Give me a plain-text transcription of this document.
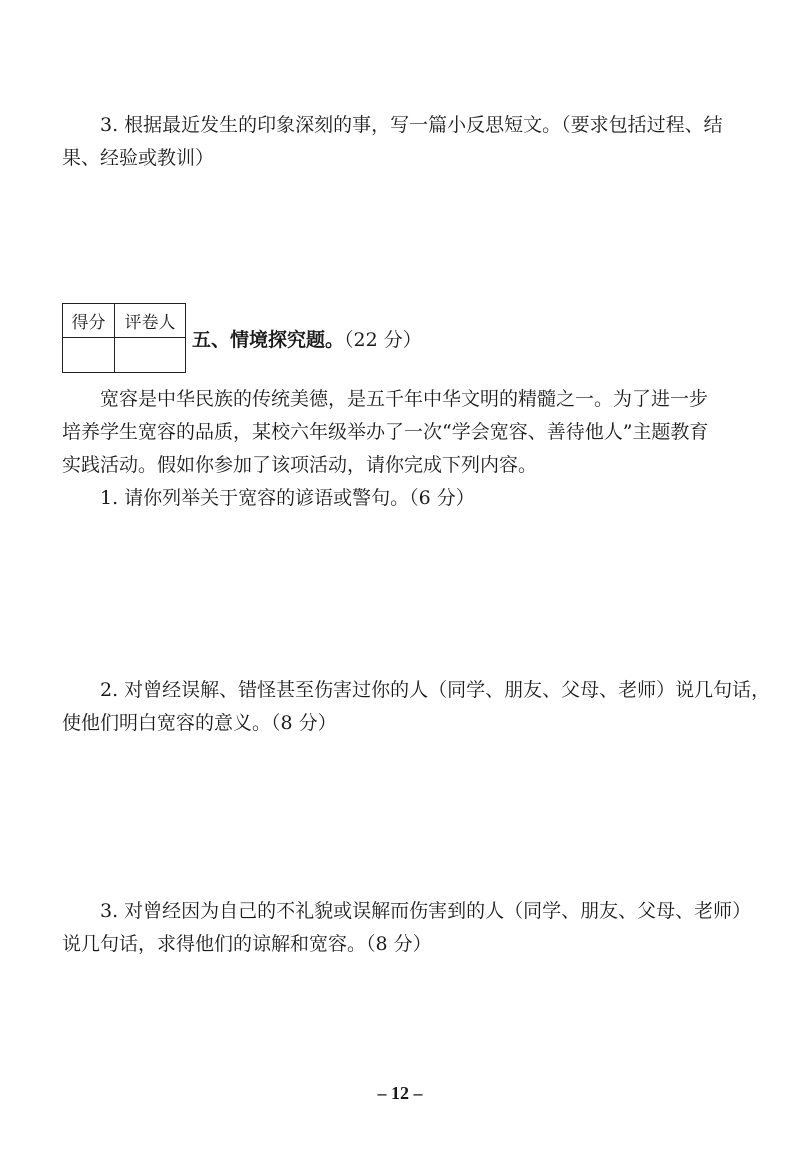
3. 根据最近发生的印象深刻的事，写一篇小反思短文。（要求包括过程、结
果、经验或教训）
得分	评卷人
五、情境探究题。（22 分）
宽容是中华民族的传统美德，是五千年中华文明的精髓之一。为了进一步
培养学生宽容的品质，某校六年级举办了一次“学会宽容、善待他人”主题教育
实践活动。假如你参加了该项活动，请你完成下列内容。
1. 请你列举关于宽容的谚语或警句。（6 分）
2. 对曾经误解、错怪甚至伤害过你的人（同学、朋友、父母、老师）说几句话，
使他们明白宽容的意义。（8 分）
3. 对曾经因为自己的不礼貌或误解而伤害到的人（同学、朋友、父母、老师）
说几句话，求得他们的谅解和宽容。（8 分）
– 12 –
